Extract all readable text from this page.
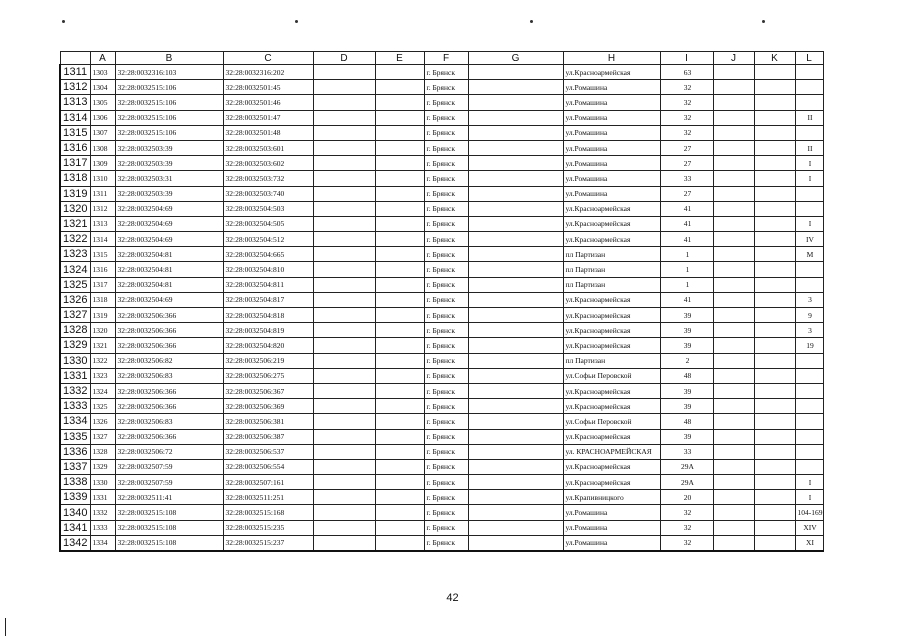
	A	B	C	D	E	F	G	H	I	J	K	L
1311	1303	32:28:0032316:103	32:28:0032316:202			г. Брянск		ул.Красноармейская	63			
1312	1304	32:28:0032515:106	32:28:0032501:45			г. Брянск		ул.Ромашина	32			
1313	1305	32:28:0032515:106	32:28:0032501:46			г. Брянск		ул.Ромашина	32			
1314	1306	32:28:0032515:106	32:28:0032501:47			г. Брянск		ул.Ромашина	32			II
1315	1307	32:28:0032515:106	32:28:0032501:48			г. Брянск		ул.Ромашина	32			
1316	1308	32:28:0032503:39	32:28:0032503:601			г. Брянск		ул.Ромашина	27			II
1317	1309	32:28:0032503:39	32:28:0032503:602			г. Брянск		ул.Ромашина	27			I
1318	1310	32:28:0032503:31	32:28:0032503:732			г. Брянск		ул.Ромашина	33			I
1319	1311	32:28:0032503:39	32:28:0032503:740			г. Брянск		ул.Ромашина	27			
1320	1312	32:28:0032504:69	32:28:0032504:503			г. Брянск		ул.Красноармейская	41			
1321	1313	32:28:0032504:69	32:28:0032504:505			г. Брянск		ул.Красноармейская	41			I
1322	1314	32:28:0032504:69	32:28:0032504:512			г. Брянск		ул.Красноармейская	41			IV
1323	1315	32:28:0032504:81	32:28:0032504:665			г. Брянск		пл Партизан	1			М
1324	1316	32:28:0032504:81	32:28:0032504:810			г. Брянск		пл Партизан	1			
1325	1317	32:28:0032504:81	32:28:0032504:811			г. Брянск		пл Партизан	1			
1326	1318	32:28:0032504:69	32:28:0032504:817			г. Брянск		ул.Красноармейская	41			3
1327	1319	32:28:0032506:366	32:28:0032504:818			г. Брянск		ул.Красноармейская	39			9
1328	1320	32:28:0032506:366	32:28:0032504:819			г. Брянск		ул.Красноармейская	39			3
1329	1321	32:28:0032506:366	32:28:0032504:820			г. Брянск		ул.Красноармейская	39			19
1330	1322	32:28:0032506:82	32:28:0032506:219			г. Брянск		пл Партизан	2			
1331	1323	32:28:0032506:83	32:28:0032506:275			г. Брянск		ул.Софьи Перовской	48			
1332	1324	32:28:0032506:366	32:28:0032506:367			г. Брянск		ул.Красноармейская	39			
1333	1325	32:28:0032506:366	32:28:0032506:369			г. Брянск		ул.Красноармейская	39			
1334	1326	32:28:0032506:83	32:28:0032506:381			г. Брянск		ул.Софьи Перовской	48			
1335	1327	32:28:0032506:366	32:28:0032506:387			г. Брянск		ул.Красноармейская	39			
1336	1328	32:28:0032506:72	32:28:0032506:537			г. Брянск		ул. КРАСНОАРМЕЙСКАЯ	33			
1337	1329	32:28:0032507:59	32:28:0032506:554			г. Брянск		ул.Красноармейская	29А			
1338	1330	32:28:0032507:59	32:28:0032507:161			г. Брянск		ул.Красноармейская	29А			I
1339	1331	32:28:0032511:41	32:28:0032511:251			г. Брянск		ул.Крапивницкого	20			I
1340	1332	32:28:0032515:108	32:28:0032515:168			г. Брянск		ул.Ромашина	32			104-169
1341	1333	32:28:0032515:108	32:28:0032515:235			г. Брянск		ул.Ромашина	32			XIV
1342	1334	32:28:0032515:108	32:28:0032515:237			г. Брянск		ул.Ромашина	32			XI
42
